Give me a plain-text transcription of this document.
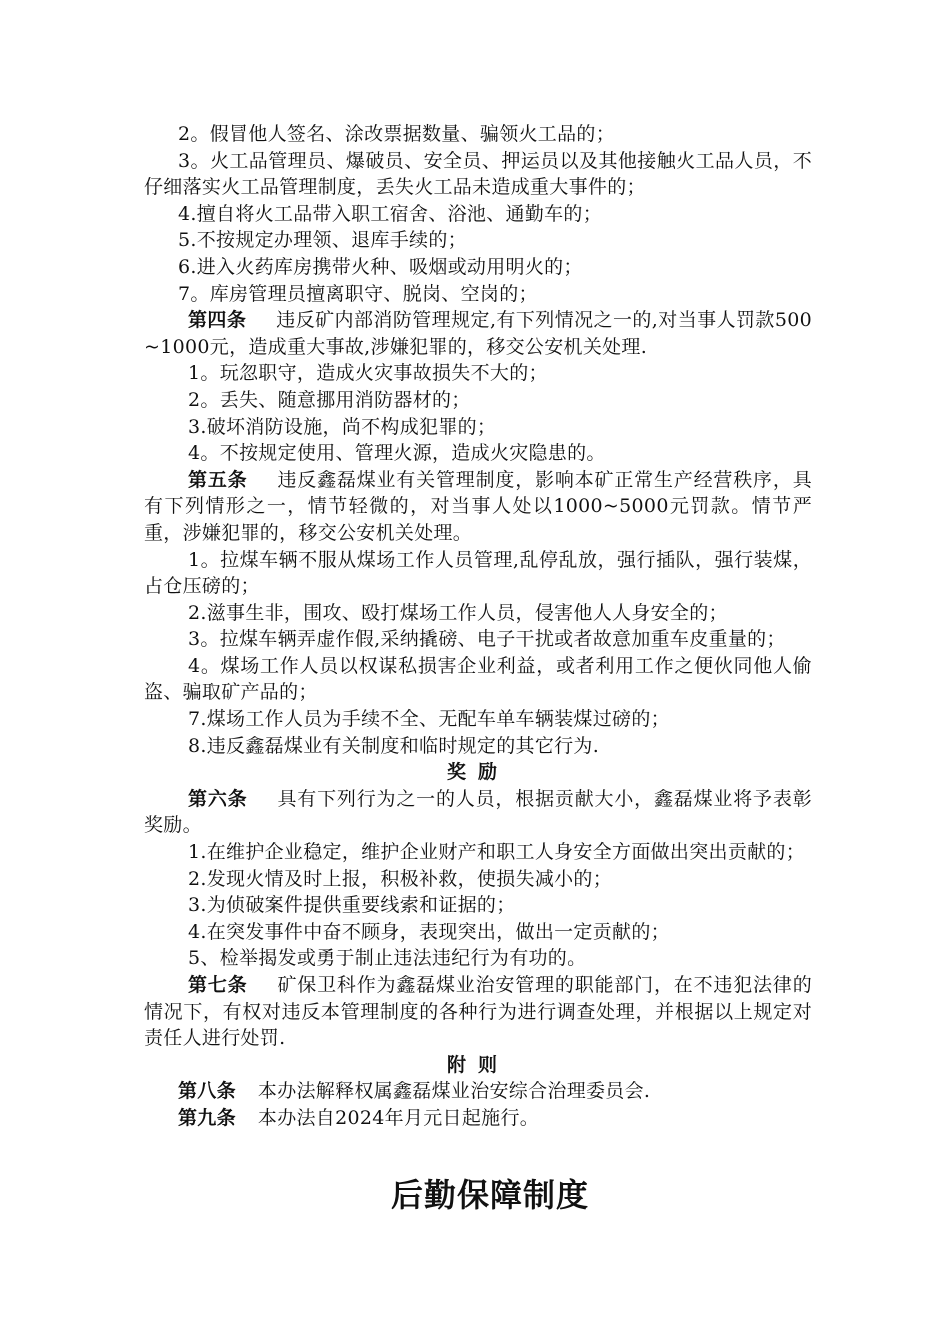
2。假冒他人签名、涂改票据数量、骗领火工品的；

3。火工品管理员、爆破员、安全员、押运员以及其他接触火工品人员，不仔细落实火工品管理制度，丢失火工品未造成重大事件的；

4.擅自将火工品带入职工宿舍、浴池、通勤车的；

5.不按规定办理领、退库手续的；

6.进入火药库房携带火种、吸烟或动用明火的；

7。库房管理员擅离职守、脱岗、空岗的；

第四条 违反矿内部消防管理规定,有下列情况之一的,对当事人罚款500~1000元，造成重大事故,涉嫌犯罪的，移交公安机关处理.

1。玩忽职守，造成火灾事故损失不大的；

2。丢失、随意挪用消防器材的；

3.破坏消防设施，尚不构成犯罪的；

4。不按规定使用、管理火源，造成火灾隐患的。

第五条 违反鑫磊煤业有关管理制度，影响本矿正常生产经营秩序，具有下列情形之一，情节轻微的，对当事人处以1000~5000元罚款。情节严重，涉嫌犯罪的，移交公安机关处理。

1。拉煤车辆不服从煤场工作人员管理,乱停乱放，强行插队，强行装煤，占仓压磅的；

2.滋事生非，围攻、殴打煤场工作人员，侵害他人人身安全的；

3。拉煤车辆弄虚作假,采纳撬磅、电子干扰或者故意加重车皮重量的；

4。煤场工作人员以权谋私损害企业利益，或者利用工作之便伙同他人偷盗、骗取矿产品的；

7.煤场工作人员为手续不全、无配车单车辆装煤过磅的；

8.违反鑫磊煤业有关制度和临时规定的其它行为.

奖励

第六条 具有下列行为之一的人员，根据贡献大小，鑫磊煤业将予表彰奖励。

1.在维护企业稳定，维护企业财产和职工人身安全方面做出突出贡献的；

2.发现火情及时上报，积极补救，使损失减小的；

3.为侦破案件提供重要线索和证据的；

4.在突发事件中奋不顾身，表现突出，做出一定贡献的；

5、检举揭发或勇于制止违法违纪行为有功的。

第七条 矿保卫科作为鑫磊煤业治安管理的职能部门，在不违犯法律的情况下，有权对违反本管理制度的各种行为进行调查处理，并根据以上规定对责任人进行处罚.

附则

第八条 本办法解释权属鑫磊煤业治安综合治理委员会.

第九条 本办法自2024年月元日起施行。

后勤保障制度
